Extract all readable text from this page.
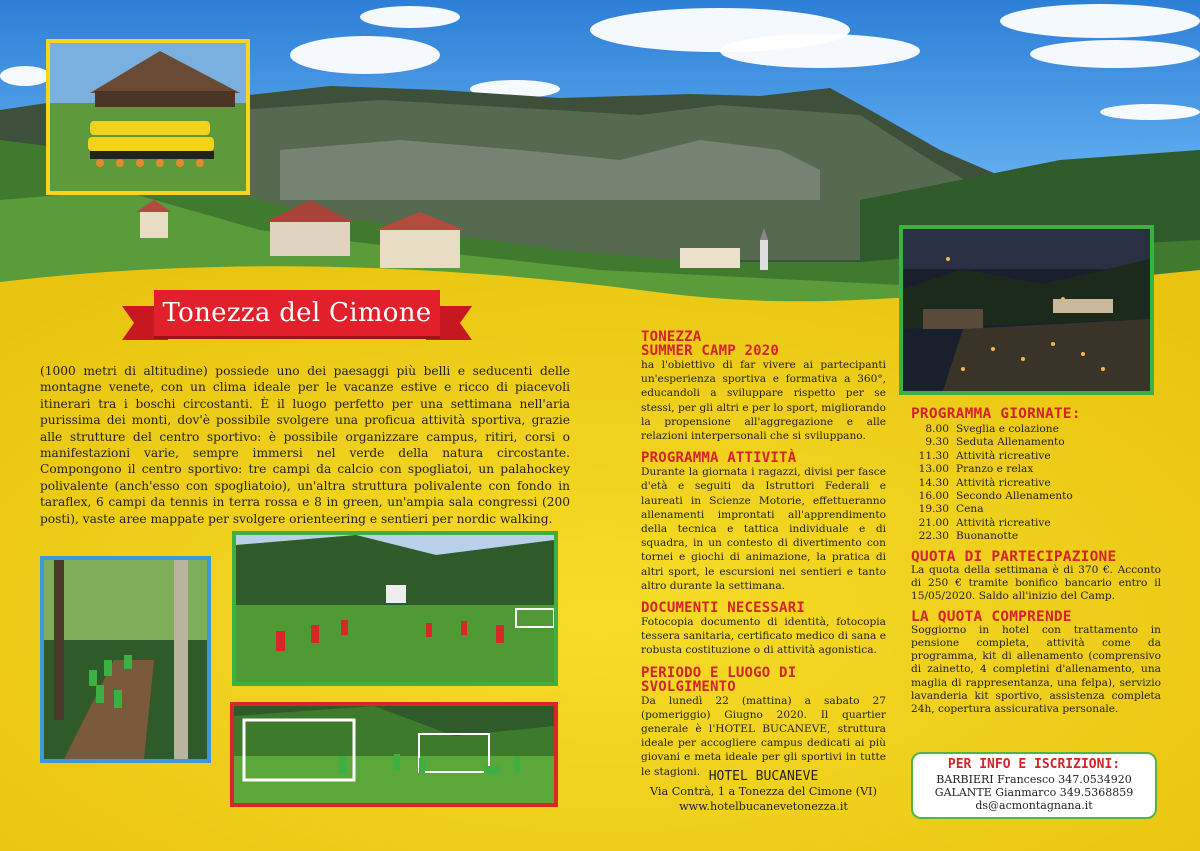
Tonezza del Cimone

(1000 metri di altitudine) possiede uno dei paesaggi più belli e seducenti delle montagne venete, con un clima ideale per le vacanze estive e ricco di piacevoli itinerari tra i boschi circostanti. È il luogo perfetto per una settimana nell'aria purissima dei monti, dov'è possibile svolgere una proficua attività sportiva, grazie alle strutture del centro sportivo: è possibile organizzare campus, ritiri, corsi o manifestazioni varie, sempre immersi nel verde della natura circostante. Compongono il centro sportivo: tre campi da calcio con spogliatoi, un palahockey polivalente (anch'esso con spogliatoio), un'altra struttura polivalente con fondo in taraflex, 6 campi da tennis in terra rossa e 8 in green, un'ampia sala congressi (200 posti), vaste aree mappate per svolgere orienteering e sentieri per nordic walking.

TONEZZA
SUMMER CAMP 2020

ha l'obiettivo di far vivere ai partecipanti un'esperienza sportiva e formativa a 360°, educandoli a sviluppare rispetto per se stessi, per gli altri e per lo sport, migliorando la propensione all'aggregazione e alle relazioni interpersonali che si sviluppano.

PROGRAMMA ATTIVITÀ

Durante la giornata i ragazzi, divisi per fasce d'età e seguiti da Istruttori Federali e laureati in Scienze Motorie, effettueranno allenamenti improntati all'apprendimento della tecnica e tattica individuale e di squadra, in un contesto di divertimento con tornei e giochi di animazione, la pratica di altri sport, le escursioni nei sentieri e tanto altro durante la settimana.

DOCUMENTI NECESSARI

Fotocopia documento di identità, fotocopia tessera sanitaria, certificato medico di sana e robusta costituzione o di attività agonistica.

PERIODO E LUOGO DI
SVOLGIMENTO

Da lunedì 22 (mattina) a sabato 27 (pomeriggio) Giugno 2020. Il quartier generale è l'HOTEL BUCANEVE, struttura ideale per accogliere campus dedicati ai più giovani e meta ideale per gli sportivi in tutte le stagioni. HOTEL BUCANEVE
Via Contrà, 1 a Tonezza del Cimone (VI)
www.hotelbucanevetonezza.it
PROGRAMMA GIORNATE:
8.00 Sveglia e colazione
9.30 Seduta Allenamento
11.30 Attività ricreative
13.00 Pranzo e relax
14.30 Attività ricreative
16.00 Secondo Allenamento
19.30 Cena
21.00 Attività ricreative
22.30 Buonanotte
QUOTA DI PARTECIPAZIONE

La quota della settimana è di 370 €. Acconto di 250 € tramite bonifico bancario entro il 15/05/2020. Saldo all'inizio del Camp.

LA QUOTA COMPRENDE

Soggiorno in hotel con trattamento in pensione completa, attività come da programma, kit di allenamento (comprensivo di zainetto, 4 completini d'allenamento, una maglia di rappresentanza, una felpa), servizio lavanderia kit sportivo, assistenza completa 24h, copertura assicurativa personale.

PER INFO E ISCRIZIONI:
BARBIERI Francesco 347.0534920
GALANTE Gianmarco 349.5368859
ds@acmontagnana.it
